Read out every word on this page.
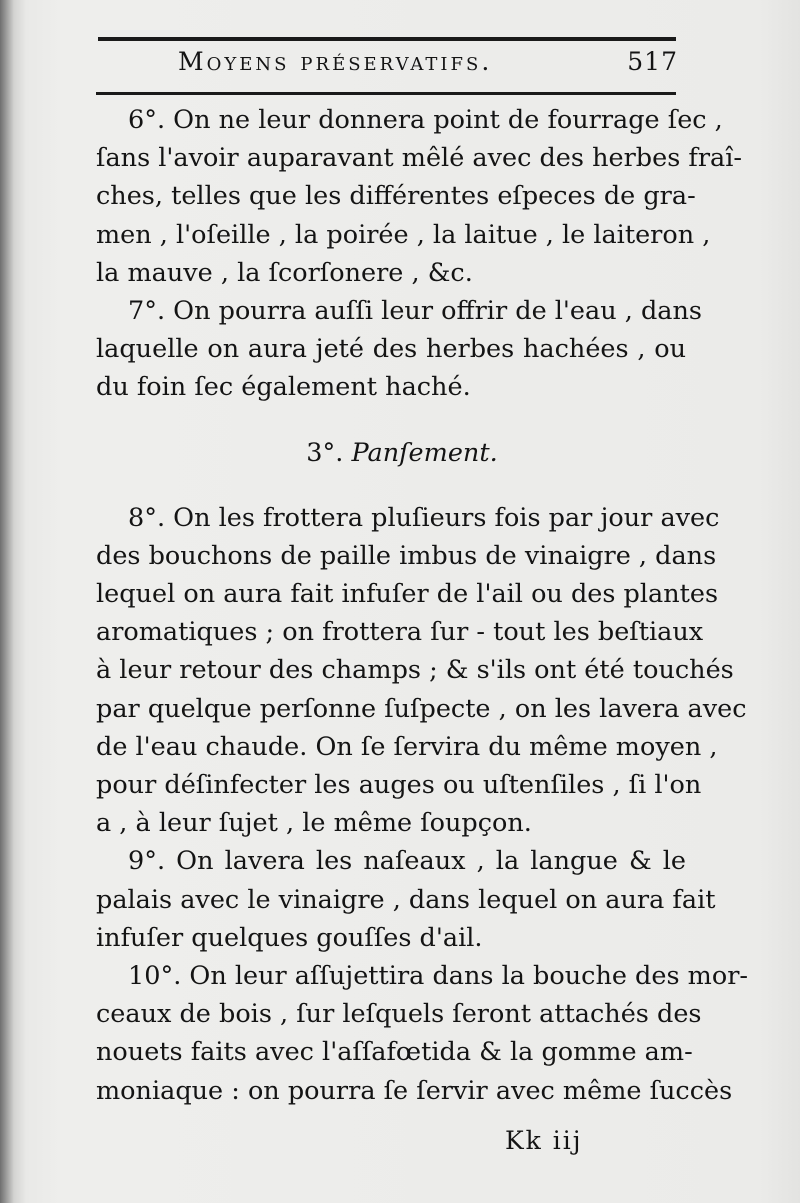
Moyens préservatifs.	517
6°. On ne leur donnera point de fourrage ſec ,
ſans l'avoir auparavant mêlé avec des herbes fraî-
ches, telles que les différentes eſpeces de gra-
men , l'oſeille , la poirée , la laitue , le laiteron ,
la mauve , la ſcorſonere , &c.
7°. On pourra auſſi leur offrir de l'eau , dans
laquelle on aura jeté des herbes hachées , ou
du foin ſec également haché.
3°. Panſement.
8°. On les frottera pluſieurs fois par jour avec
des bouchons de paille imbus de vinaigre , dans
lequel on aura fait infuſer de l'ail ou des plantes
aromatiques ; on frottera ſur - tout les beſtiaux
à leur retour des champs ; & s'ils ont été touchés
par quelque perſonne ſuſpecte , on les lavera avec
de l'eau chaude. On ſe ſervira du même moyen ,
pour déſinfecter les auges ou uſtenſiles , ſi l'on
a , à leur ſujet , le même ſoupçon.
9°. On lavera les naſeaux , la langue & le
palais avec le vinaigre , dans lequel on aura fait
infuſer quelques gouſſes d'ail.
10°. On leur aſſujettira dans la bouche des mor-
ceaux de bois , ſur leſquels ſeront attachés des
nouets faits avec l'aſſafœtida & la gomme am-
moniaque : on pourra ſe ſervir avec même ſuccès
Kk iij
